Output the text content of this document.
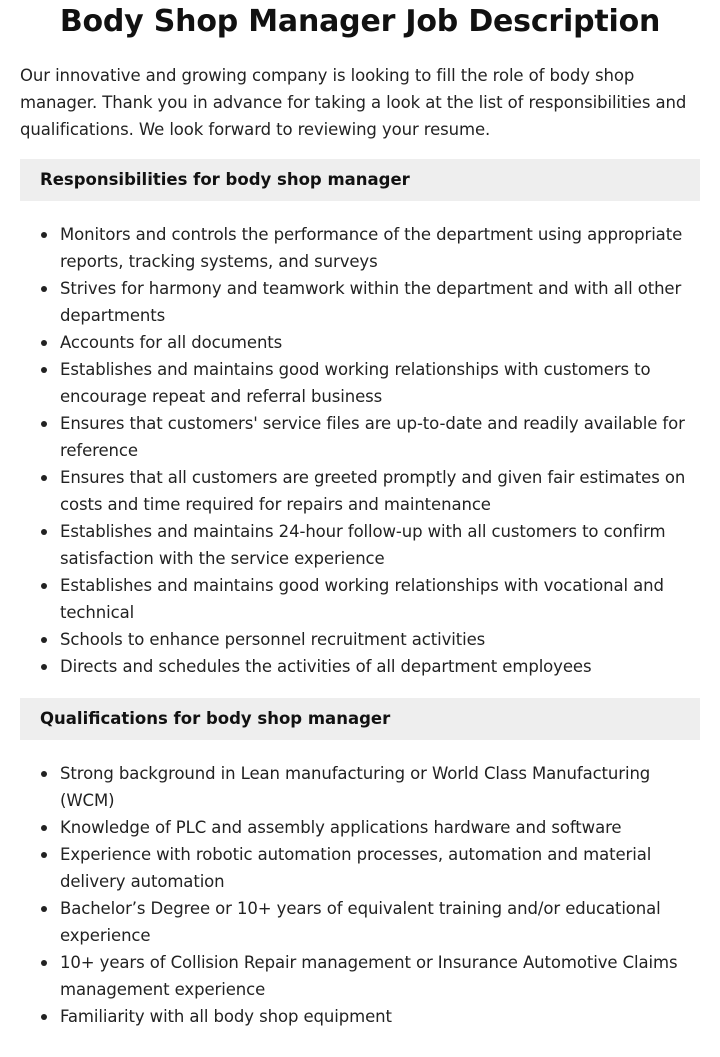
Body Shop Manager Job Description

Our innovative and growing company is looking to fill the role of body shop manager. Thank you in advance for taking a look at the list of responsibilities and qualifications. We look forward to reviewing your resume.

Responsibilities for body shop manager
Monitors and controls the performance of the department using appropriate reports, tracking systems, and surveys
Strives for harmony and teamwork within the department and with all other departments
Accounts for all documents
Establishes and maintains good working relationships with customers to encourage repeat and referral business
Ensures that customers' service files are up-to-date and readily available for reference
Ensures that all customers are greeted promptly and given fair estimates on costs and time required for repairs and maintenance
Establishes and maintains 24-hour follow-up with all customers to confirm satisfaction with the service experience
Establishes and maintains good working relationships with vocational and technical
Schools to enhance personnel recruitment activities
Directs and schedules the activities of all department employees
Qualifications for body shop manager
Strong background in Lean manufacturing or World Class Manufacturing (WCM)
Knowledge of PLC and assembly applications hardware and software
Experience with robotic automation processes, automation and material delivery automation
Bachelor’s Degree or 10+ years of equivalent training and/or educational experience
10+ years of Collision Repair management or Insurance Automotive Claims management experience
Familiarity with all body shop equipment
